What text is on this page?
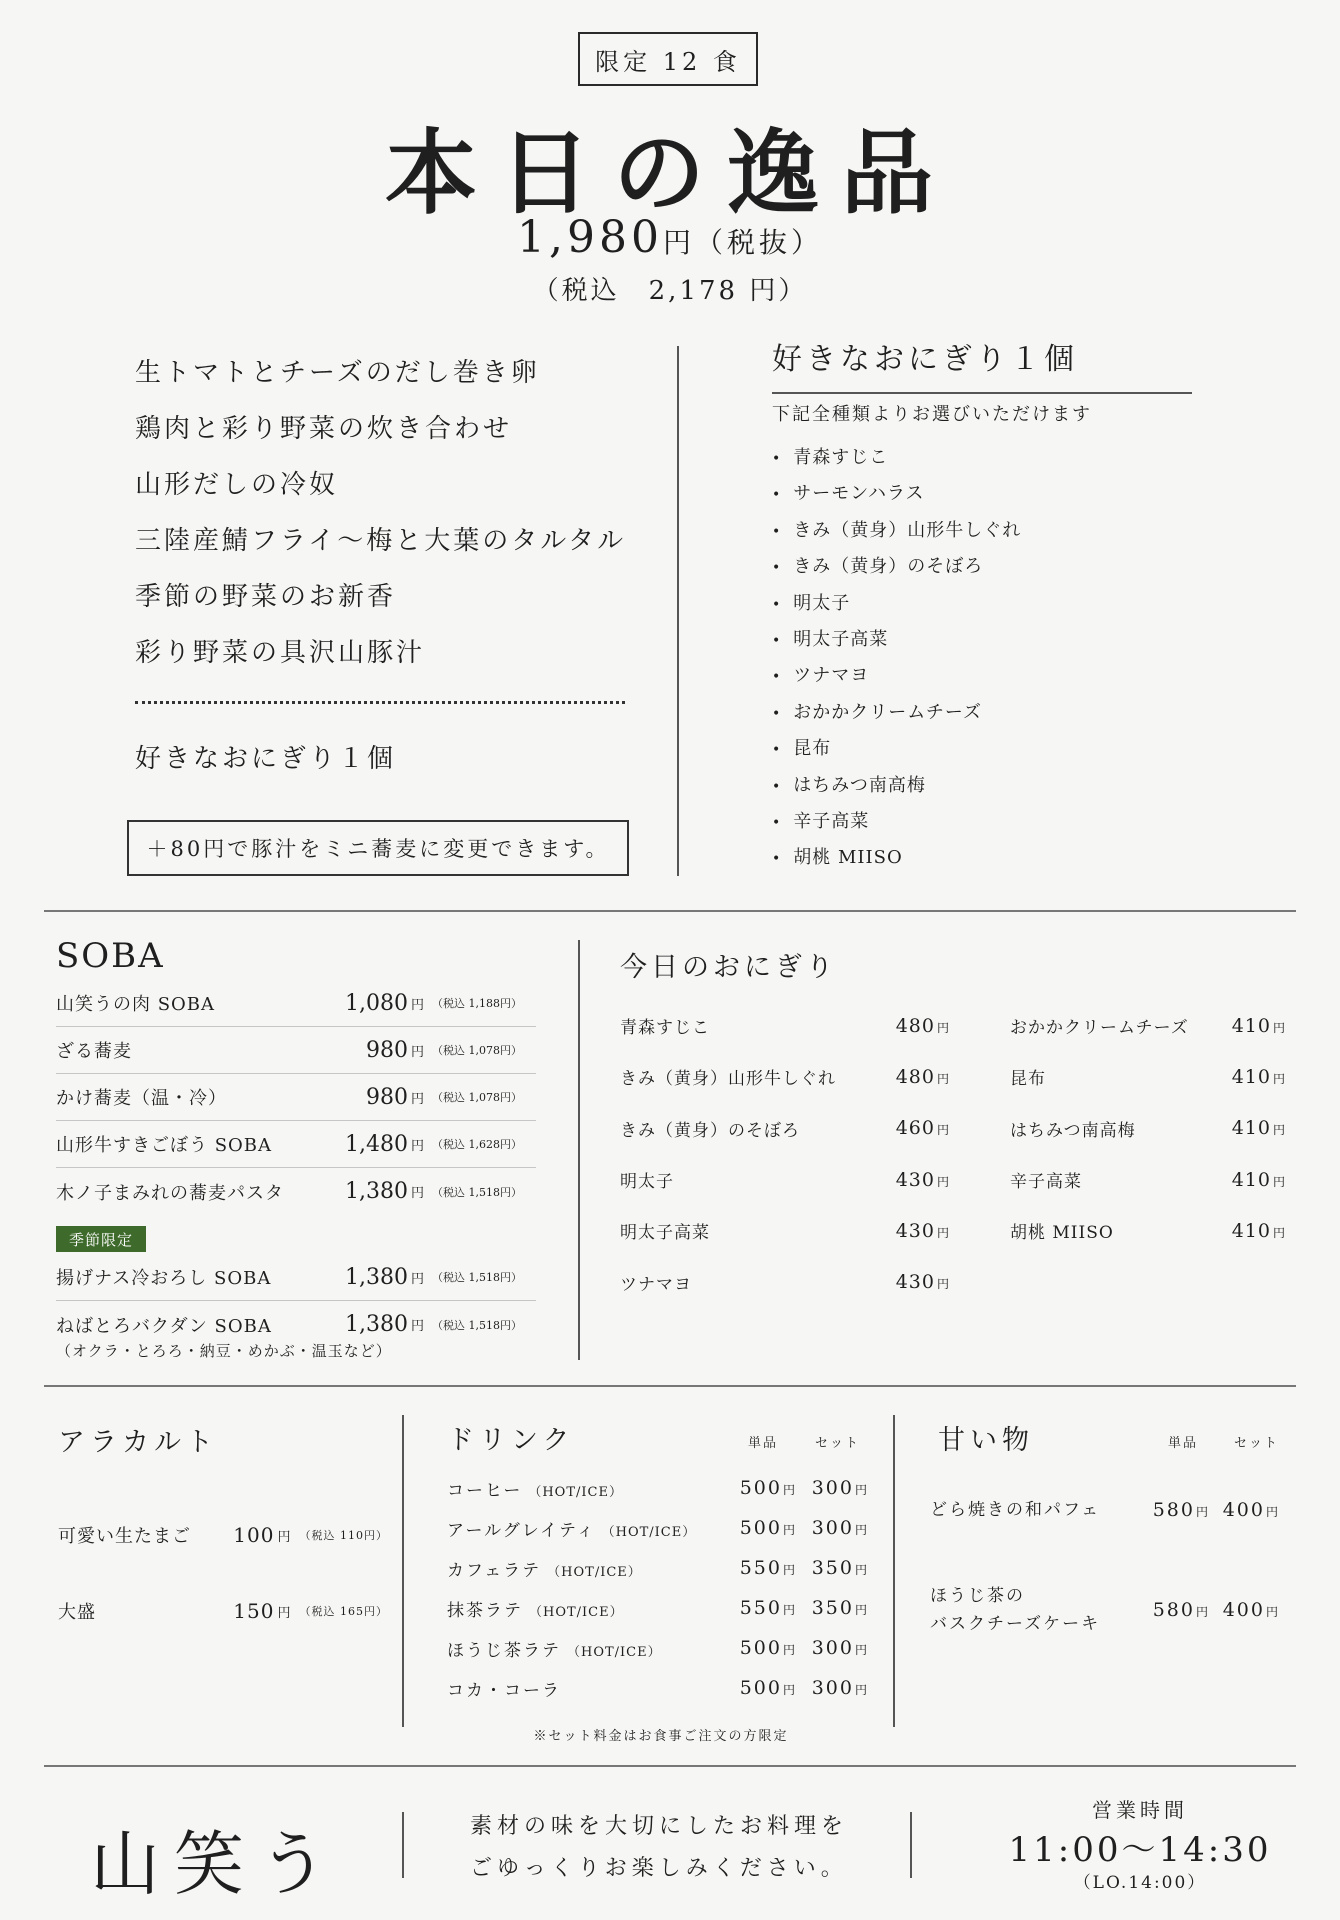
限定 12 食
本日の逸品
1,980円（税抜）
（税込　2,178 円）
生トマトとチーズのだし巻き卵
鶏肉と彩り野菜の炊き合わせ
山形だしの冷奴
三陸産鯖フライ〜梅と大葉のタルタル
季節の野菜のお新香
彩り野菜の具沢山豚汁
好きなおにぎり１個
＋80円で豚汁をミニ蕎麦に変更できます。
好きなおにぎり１個
下記全種類よりお選びいただけます
• 青森すじこ
• サーモンハラス
• きみ（黄身）山形牛しぐれ
• きみ（黄身）のそぼろ
• 明太子
• 明太子高菜
• ツナマヨ
• おかかクリームチーズ
• 昆布
• はちみつ南高梅
• 辛子高菜
• 胡桃 MIISO
SOBA
山笑うの肉 SOBA	1,080 円 （税込 1,188円）
ざる蕎麦	980 円 （税込 1,078円）
かけ蕎麦（温・冷）	980 円 （税込 1,078円）
山形牛すきごぼう SOBA	1,480 円 （税込 1,628円）
木ノ子まみれの蕎麦パスタ	1,380 円 （税込 1,518円）
季節限定
揚げナス冷おろし SOBA	1,380 円 （税込 1,518円）
ねばとろバクダン SOBA	1,380 円 （税込 1,518円）
（オクラ・とろろ・納豆・めかぶ・温玉など）
今日のおにぎり
青森すじこ	480 円
きみ（黄身）山形牛しぐれ	480 円
きみ（黄身）のそぼろ	460 円
明太子	430 円
明太子高菜	430 円
ツナマヨ	430 円
おかかクリームチーズ 410 円
昆布	410 円
はちみつ南高梅	410 円
辛子高菜	410 円
胡桃 MIISO	410 円
アラカルト
可愛い生たまご	100 円 （税込 110円）
大盛	150 円 （税込 165円）
ドリンク	単品	セット
コーヒー （HOT/ICE）	500円 300円
アールグレイティ （HOT/ICE）	500円 300円
カフェラテ （HOT/ICE）	550円 350円
抹茶ラテ （HOT/ICE）	550円 350円
ほうじ茶ラテ （HOT/ICE）	500円 300円
コカ・コーラ	500円 300円
※セット料金はお食事ご注文の方限定
甘い物	単品	セット
どら焼きの和パフェ	580円 400円
ほうじ茶の
バスクチーズケーキ
580円 400円
山笑う	素材の味を大切にしたお料理を
ごゆっくりお楽しみください。
営業時間
11:00〜14:30
（LO.14:00）
